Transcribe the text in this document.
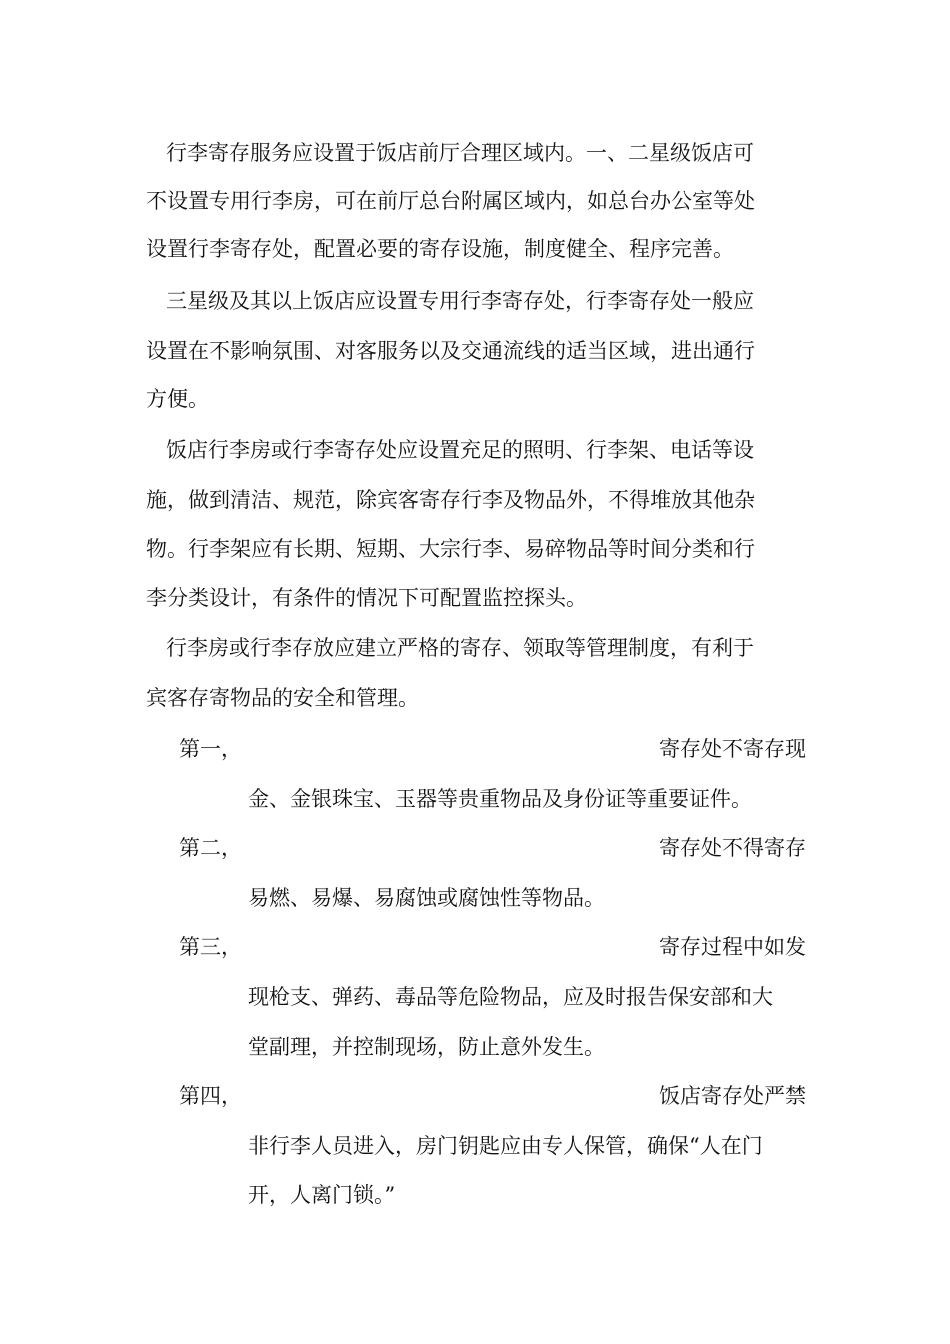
行李寄存服务应设置于饭店前厅合理区域内。一、二星级饭店可
不设置专用行李房，可在前厅总台附属区域内，如总台办公室等处
设置行李寄存处，配置必要的寄存设施，制度健全、程序完善。
三星级及其以上饭店应设置专用行李寄存处，行李寄存处一般应
设置在不影响氛围、对客服务以及交通流线的适当区域，进出通行
方便。
饭店行李房或行李寄存处应设置充足的照明、行李架、电话等设
施，做到清洁、规范，除宾客寄存行李及物品外，不得堆放其他杂
物。行李架应有长期、短期、大宗行李、易碎物品等时间分类和行
李分类设计，有条件的情况下可配置监控探头。
行李房或行李存放应建立严格的寄存、领取等管理制度，有利于
宾客存寄物品的安全和管理。
第一，	寄存处不寄存现
金、金银珠宝、玉器等贵重物品及身份证等重要证件。
第二，	寄存处不得寄存
易燃、易爆、易腐蚀或腐蚀性等物品。
第三，	寄存过程中如发
现枪支、弹药、毒品等危险物品，应及时报告保安部和大
堂副理，并控制现场，防止意外发生。
第四，	饭店寄存处严禁
非行李人员进入，房门钥匙应由专人保管，确保“人在门
开，人离门锁。”
